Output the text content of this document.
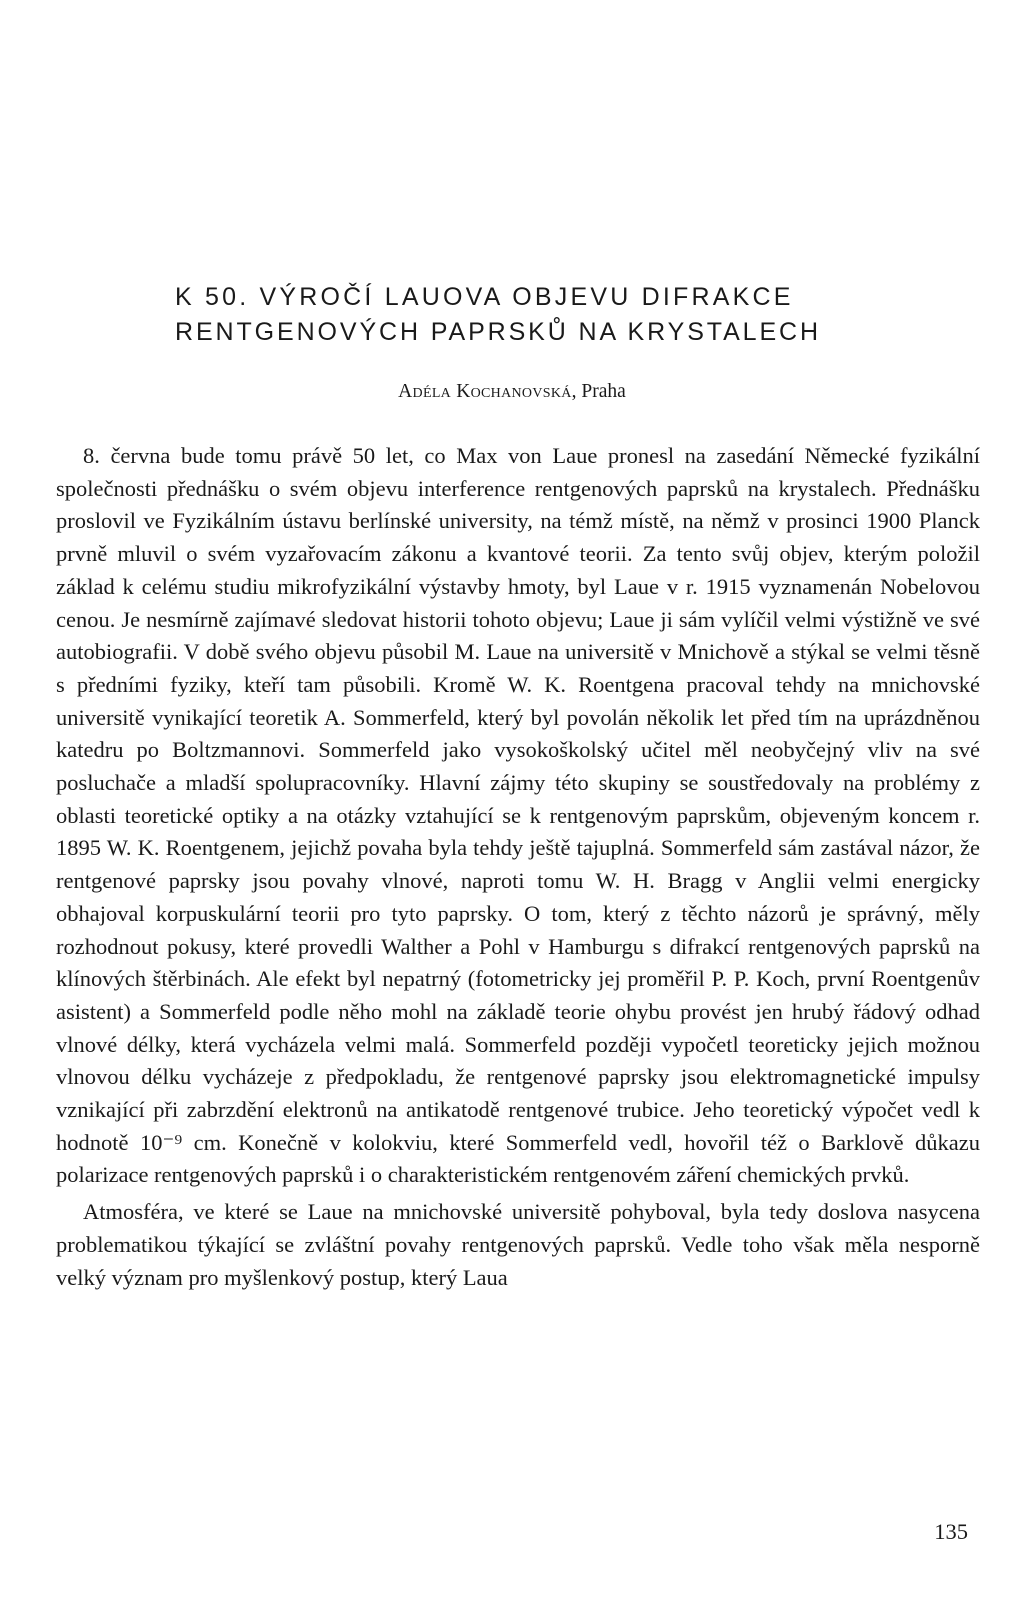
K 50. VÝROČÍ LAUOVA OBJEVU DIFRAKCE
RENTGENOVÝCH PAPRSKŮ NA KRYSTALECH
Adéla Kochanovská, Praha

8. června bude tomu právě 50 let, co Max von Laue pronesl na zasedání Německé fyzikální společnosti přednášku o svém objevu interference rentgenových paprsků na krystalech. Přednášku proslovil ve Fyzikálním ústavu berlínské university, na témž místě, na němž v prosinci 1900 Planck prvně mluvil o svém vyzařovacím zákonu a kvantové teorii. Za tento svůj objev, kterým položil základ k celému studiu mikrofyzikální výstavby hmoty, byl Laue v r. 1915 vyznamenán Nobelovou cenou. Je nesmírně zajímavé sledovat historii tohoto objevu; Laue ji sám vylíčil velmi výstižně ve své autobiografii. V době svého objevu působil M. Laue na universitě v Mnichově a stýkal se velmi těsně s předními fyziky, kteří tam působili. Kromě W. K. Roentgena pracoval tehdy na mnichovské universitě vynikající teoretik A. Sommerfeld, který byl povolán několik let před tím na uprázdněnou katedru po Boltzmannovi. Sommerfeld jako vysokoškolský učitel měl neobyčejný vliv na své posluchače a mladší spolupracovníky. Hlavní zájmy této skupiny se soustředovaly na problémy z oblasti teoretické optiky a na otázky vztahující se k rentgenovým paprskům, objeveným koncem r. 1895 W. K. Roentgenem, jejichž povaha byla tehdy ještě tajuplná. Sommerfeld sám zastával názor, že rentgenové paprsky jsou povahy vlnové, naproti tomu W. H. Bragg v Anglii velmi energicky obhajoval korpuskulární teorii pro tyto paprsky. O tom, který z těchto názorů je správný, měly rozhodnout pokusy, které provedli Walther a Pohl v Hamburgu s difrakcí rentgenových paprsků na klínových štěrbinách. Ale efekt byl nepatrný (fotometricky jej proměřil P. P. Koch, první Roentgenův asistent) a Sommerfeld podle něho mohl na základě teorie ohybu provést jen hrubý řádový odhad vlnové délky, která vycházela velmi malá. Sommerfeld později vypočetl teoreticky jejich možnou vlnovou délku vycházeje z předpokladu, že rentgenové paprsky jsou elektromagnetické impulsy vznikající při zabrzdění elektronů na antikatodě rentgenové trubice. Jeho teoretický výpočet vedl k hodnotě 10⁻⁹ cm. Konečně v kolokviu, které Sommerfeld vedl, hovořil též o Barklově důkazu polarizace rentgenových paprsků i o charakteristickém rentgenovém záření chemických prvků.

Atmosféra, ve které se Laue na mnichovské universitě pohyboval, byla tedy doslova nasycena problematikou týkající se zvláštní povahy rentgenových paprsků. Vedle toho však měla nesporně velký význam pro myšlenkový postup, který Laua

135
